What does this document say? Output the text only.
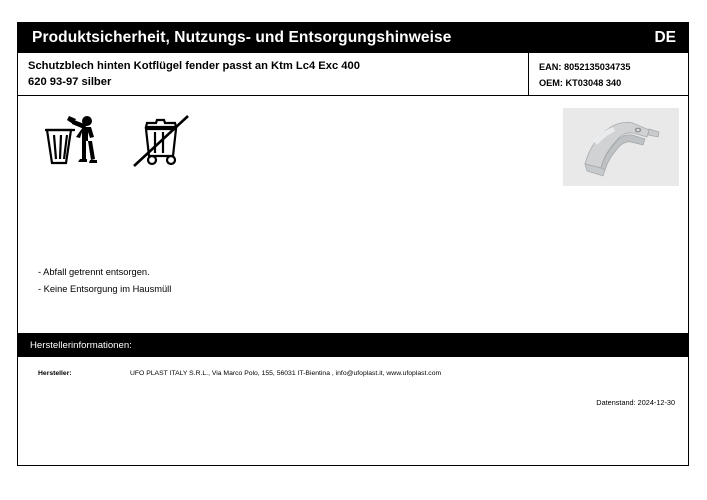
Produktsicherheit, Nutzungs- und Entsorgungshinweise	DE
Schutzblech hinten Kotflügel fender passt an Ktm Lc4 Exc 400
620 93-97 silber
EAN: 8052135034735
OEM: KT03048 340
- Abfall getrennt entsorgen.
- Keine Entsorgung im Hausmüll
Herstellerinformationen:
Hersteller:	UFO PLAST ITALY S.R.L., Via Marco Polo, 155, 56031 IT-Bientina , info@ufoplast.it, www.ufoplast.com
Datenstand: 2024-12-30
